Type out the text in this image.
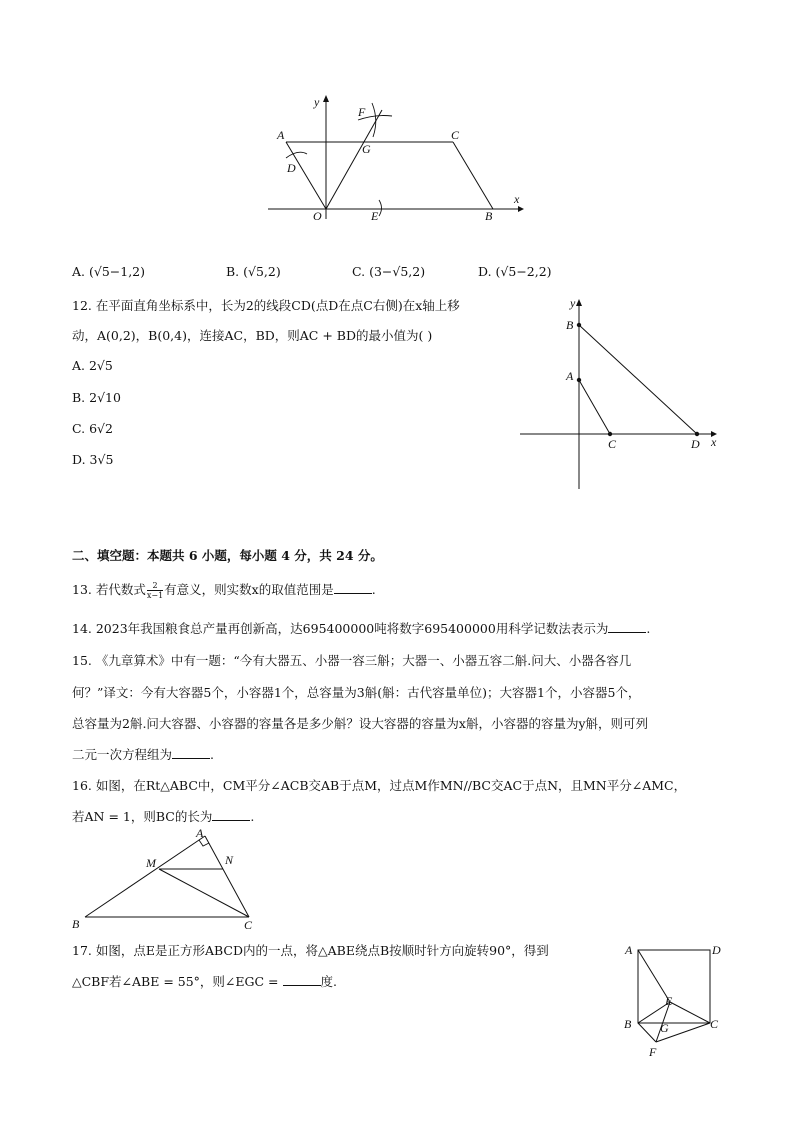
y
x
A	C
F
G
D
O	E	B
A. (√5−1,2)	B. (√5,2)	C. (3−√5,2)	D. (√5−2,2)
12. 在平面直角坐标系中，长为2的线段CD(点D在点C右侧)在x轴上移
动，A(0,2)，B(0,4)，连接AC，BD，则AC + BD的最小值为( )
A. 2√5
B. 2√10
C. 6√2
D. 3√5
y
B
A
C	D x
二、填空题：本题共 6 小题，每小题 4 分，共 24 分。
13. 若代数式 $\frac{2}{x-1}$ 有意义，则实数x的取值范围是	.
14. 2023年我国粮食总产量再创新高，达695400000吨将数字695400000用科学记数法表示为	.
15. 《九章算术》中有一题：“今有大器五、小器一容三斛；大器一、小器五容二斛.问大、小器各容几
何？”译文：今有大容器5个，小容器1个，总容量为3斛(斛：古代容量单位)；大容器1个，小容器5个，
总容量为2斛.问大容器、小容器的容量各是多少斛？设大容器的容量为x斛，小容器的容量为y斛，则可列
二元一次方程组为	.
16. 如图，在Rt△ABC中，CM平分∠ACB交AB于点M，过点M作MN//BC交AC于点N，且MN平分∠AMC，
若AN = 1，则BC的长为	.
A
M	N
B	C
17. 如图，点E是正方形ABCD内的一点，将△ABE绕点B按顺时针方向旋转90°，得到
△CBF若∠ABE = 55°，则∠EGC =	度.
A	D
E
B G	C
F
